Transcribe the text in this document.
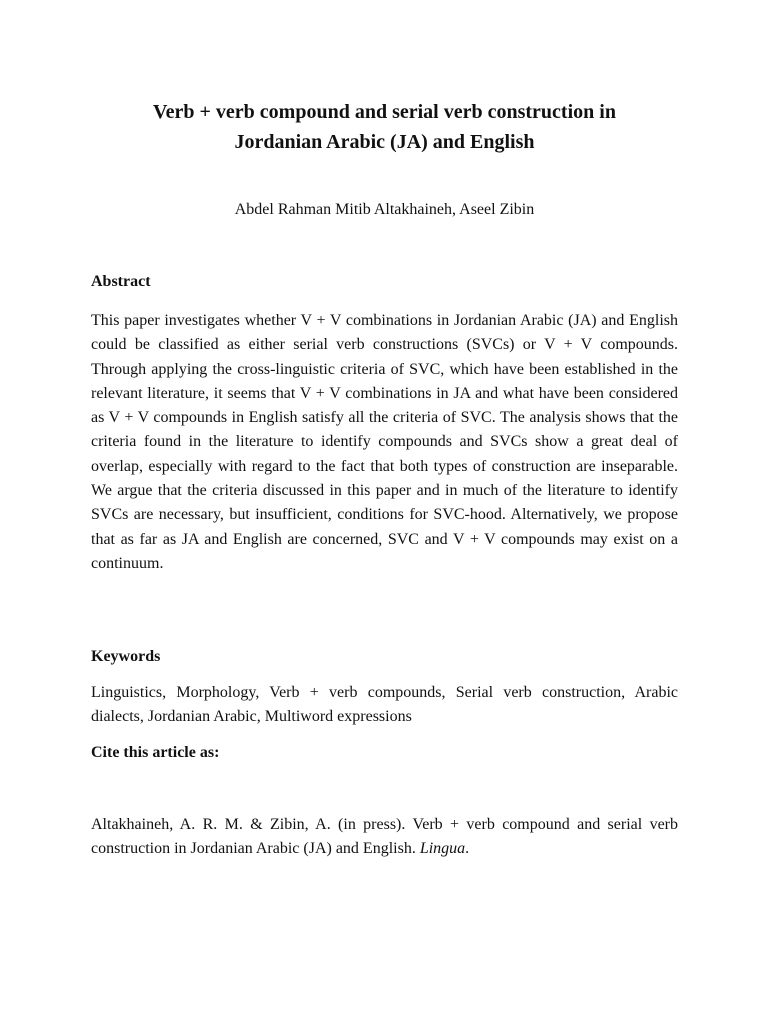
Verb + verb compound and serial verb construction in
Jordanian Arabic (JA) and English
Abdel Rahman Mitib Altakhaineh, Aseel Zibin
Abstract

This paper investigates whether V + V combinations in Jordanian Arabic (JA) and English could be classified as either serial verb constructions (SVCs) or V + V compounds. Through applying the cross-linguistic criteria of SVC, which have been established in the relevant literature, it seems that V + V combinations in JA and what have been considered as V + V compounds in English satisfy all the criteria of SVC. The analysis shows that the criteria found in the literature to identify compounds and SVCs show a great deal of overlap, especially with regard to the fact that both types of construction are inseparable. We argue that the criteria discussed in this paper and in much of the literature to identify SVCs are necessary, but insufficient, conditions for SVC-hood. Alternatively, we propose that as far as JA and English are concerned, SVC and V + V compounds may exist on a continuum.

Keywords

Linguistics, Morphology, Verb + verb compounds, Serial verb construction, Arabic dialects, Jordanian Arabic, Multiword expressions

Cite this article as:

Altakhaineh, A. R. M. & Zibin, A. (in press). Verb + verb compound and serial verb construction in Jordanian Arabic (JA) and English. Lingua.
